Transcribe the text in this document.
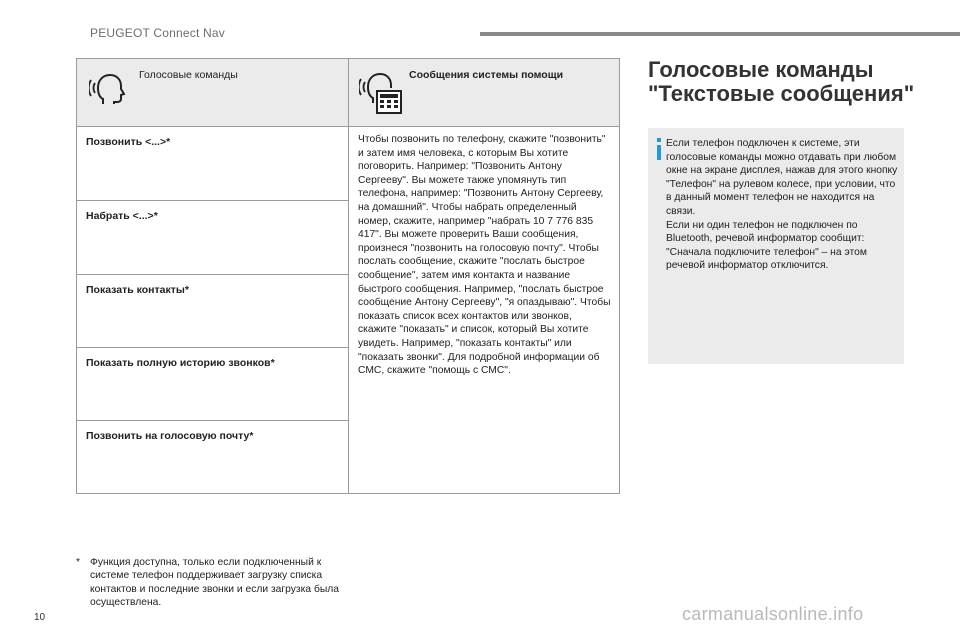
PEUGEOT Connect Nav
Голосовые команды	Сообщения системы помощи
Позвонить <...>*
Набрать <...>*
Показать контакты*
Показать полную историю звонков*
Позвонить на голосовую почту*
Чтобы позвонить по телефону, скажите "позвонить" и затем имя человека, с которым Вы хотите поговорить. Например: "Позвонить Антону Сергееву". Вы можете также упомянуть тип телефона, например: "Позвонить Антону Сергееву, на домашний". Чтобы набрать определенный номер, скажите, например "набрать 10 7 776 835 417". Вы можете проверить Ваши сообщения, произнеся "позвонить на голосовую почту". Чтобы послать сообщение, скажите "послать быстрое сообщение", затем имя контакта и название быстрого сообщения. Например, "послать быстрое сообщение Антону Сергееву", "я опаздываю". Чтобы показать список всех контактов или звонков, скажите "показать" и список, который Вы хотите увидеть. Например, "показать контакты" или "показать звонки". Для подробной информации об СМС, скажите "помощь с СМС".
* Функция доступна, только если подключенный к системе телефон поддерживает загрузку списка контактов и последние звонки и если загрузка была осуществлена.
10
Голосовые команды
"Текстовые сообщения"
Если телефон подключен к системе, эти голосовые команды можно отдавать при любом окне на экране дисплея, нажав для этого кнопку "Телефон" на рулевом колесе, при условии, что в данный момент телефон не находится на связи.
Если ни один телефон не подключен по Bluetooth, речевой информатор сообщит: "Сначала подключите телефон" – на этом речевой информатор отключится.
carmanualsonline.info
